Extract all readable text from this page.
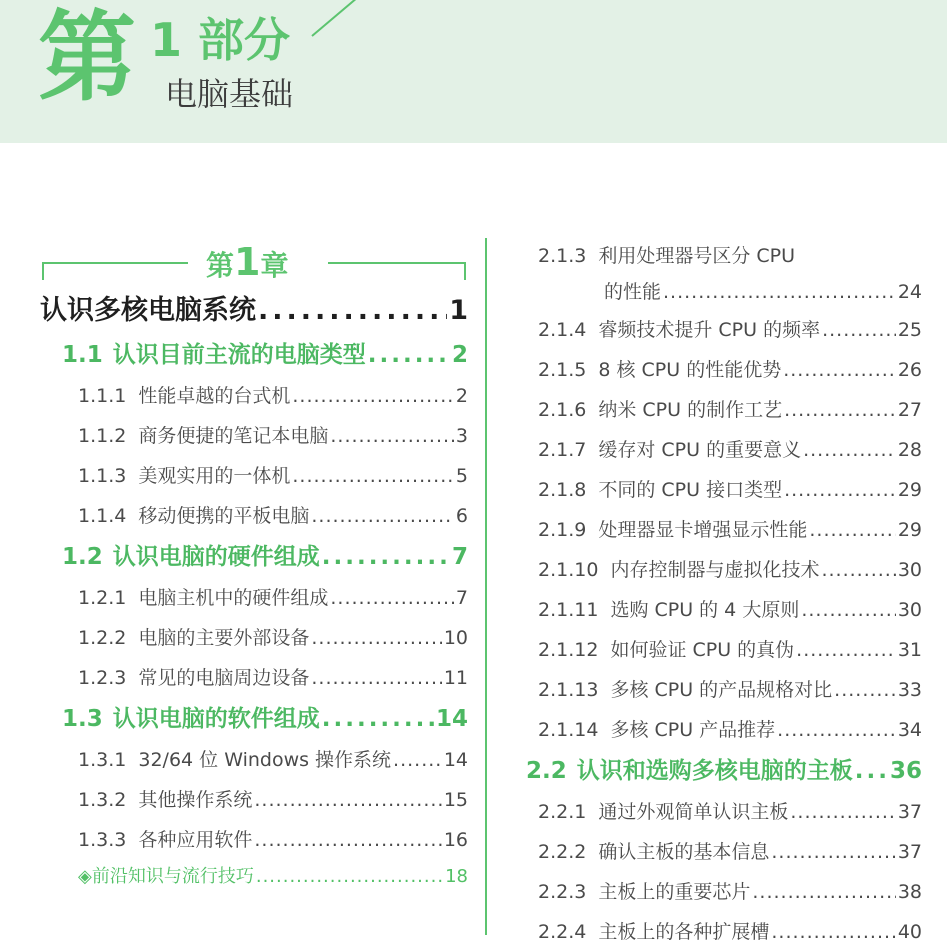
第 1 部分
电脑基础
第1章
认识多核电脑系统 .....	1
1.1 认识目前主流的电脑类型 .....	2
1.1.1 性能卓越的台式机 .....	2
1.1.2 商务便捷的笔记本电脑 .....	3
1.1.3 美观实用的一体机 .....	5
1.1.4 移动便携的平板电脑 .....	6
1.2 认识电脑的硬件组成 .....	7
1.2.1 电脑主机中的硬件组成 .....	7
1.2.2 电脑的主要外部设备 .....	10
1.2.3 常见的电脑周边设备 .....	11
1.3 认识电脑的软件组成 .....	14
1.3.1 32/64 位 Windows 操作系统 .....	14
1.3.2 其他操作系统 .....	15
1.3.3 各种应用软件 .....	16
◈前沿知识与流行技巧 .....	18
2.1.3 利用处理器号区分 CPU
的性能 .....	24
2.1.4 睿频技术提升 CPU 的频率 .....	25
2.1.5 8 核 CPU 的性能优势 .....	26
2.1.6 纳米 CPU 的制作工艺 .....	27
2.1.7 缓存对 CPU 的重要意义 .....	28
2.1.8 不同的 CPU 接口类型 .....	29
2.1.9 处理器显卡增强显示性能 .....	29
2.1.10 内存控制器与虚拟化技术 .....	30
2.1.11 选购 CPU 的 4 大原则 .....	30
2.1.12 如何验证 CPU 的真伪 .....	31
2.1.13 多核 CPU 的产品规格对比 .....	33
2.1.14 多核 CPU 产品推荐 .....	34
2.2 认识和选购多核电脑的主板 ..... 36
2.2.1 通过外观简单认识主板 .....	37
2.2.2 确认主板的基本信息 .....	37
2.2.3 主板上的重要芯片 .....	38
2.2.4 主板上的各种扩展槽 .....	40
